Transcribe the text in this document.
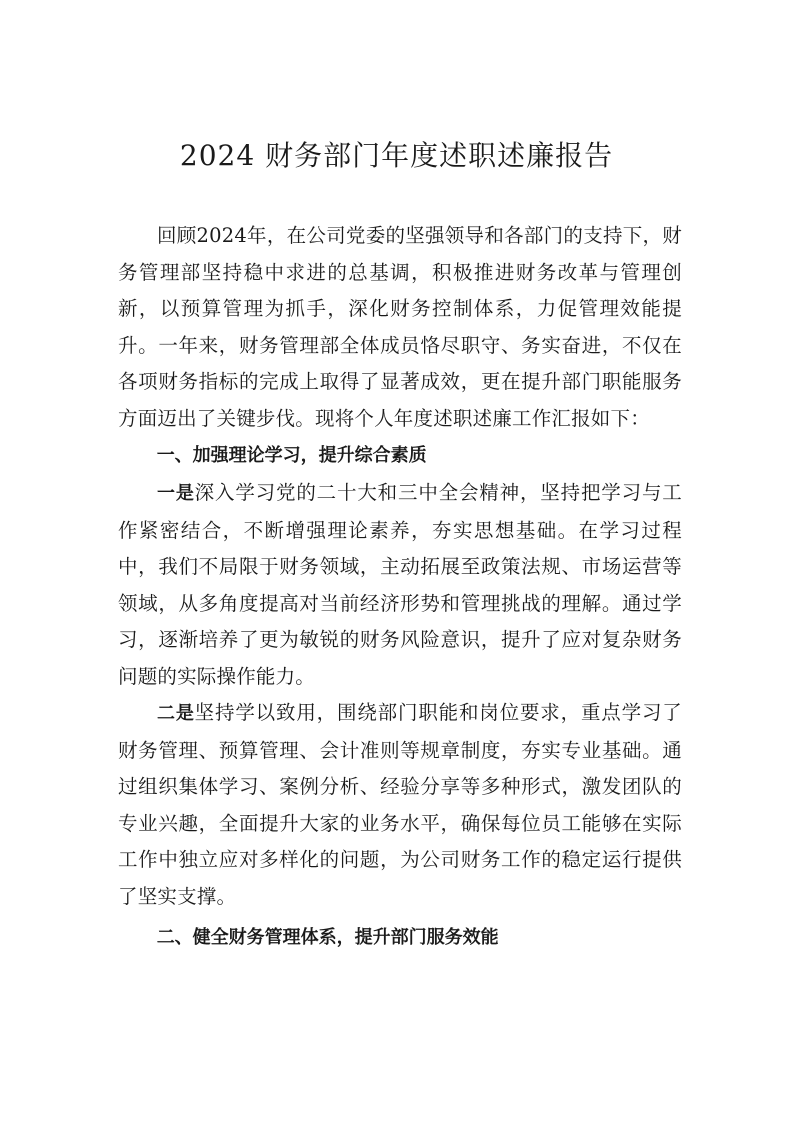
2024 财务部门年度述职述廉报告

回顾2024年，在公司党委的坚强领导和各部门的支持下，财务管理部坚持稳中求进的总基调，积极推进财务改革与管理创新，以预算管理为抓手，深化财务控制体系，力促管理效能提升。一年来，财务管理部全体成员恪尽职守、务实奋进，不仅在各项财务指标的完成上取得了显著成效，更在提升部门职能服务方面迈出了关键步伐。现将个人年度述职述廉工作汇报如下：

一、加强理论学习，提升综合素质

一是深入学习党的二十大和三中全会精神，坚持把学习与工作紧密结合，不断增强理论素养，夯实思想基础。在学习过程中，我们不局限于财务领域，主动拓展至政策法规、市场运营等领域，从多角度提高对当前经济形势和管理挑战的理解。通过学习，逐渐培养了更为敏锐的财务风险意识，提升了应对复杂财务问题的实际操作能力。

二是坚持学以致用，围绕部门职能和岗位要求，重点学习了财务管理、预算管理、会计准则等规章制度，夯实专业基础。通过组织集体学习、案例分析、经验分享等多种形式，激发团队的专业兴趣，全面提升大家的业务水平，确保每位员工能够在实际工作中独立应对多样化的问题，为公司财务工作的稳定运行提供了坚实支撑。

二、健全财务管理体系，提升部门服务效能
